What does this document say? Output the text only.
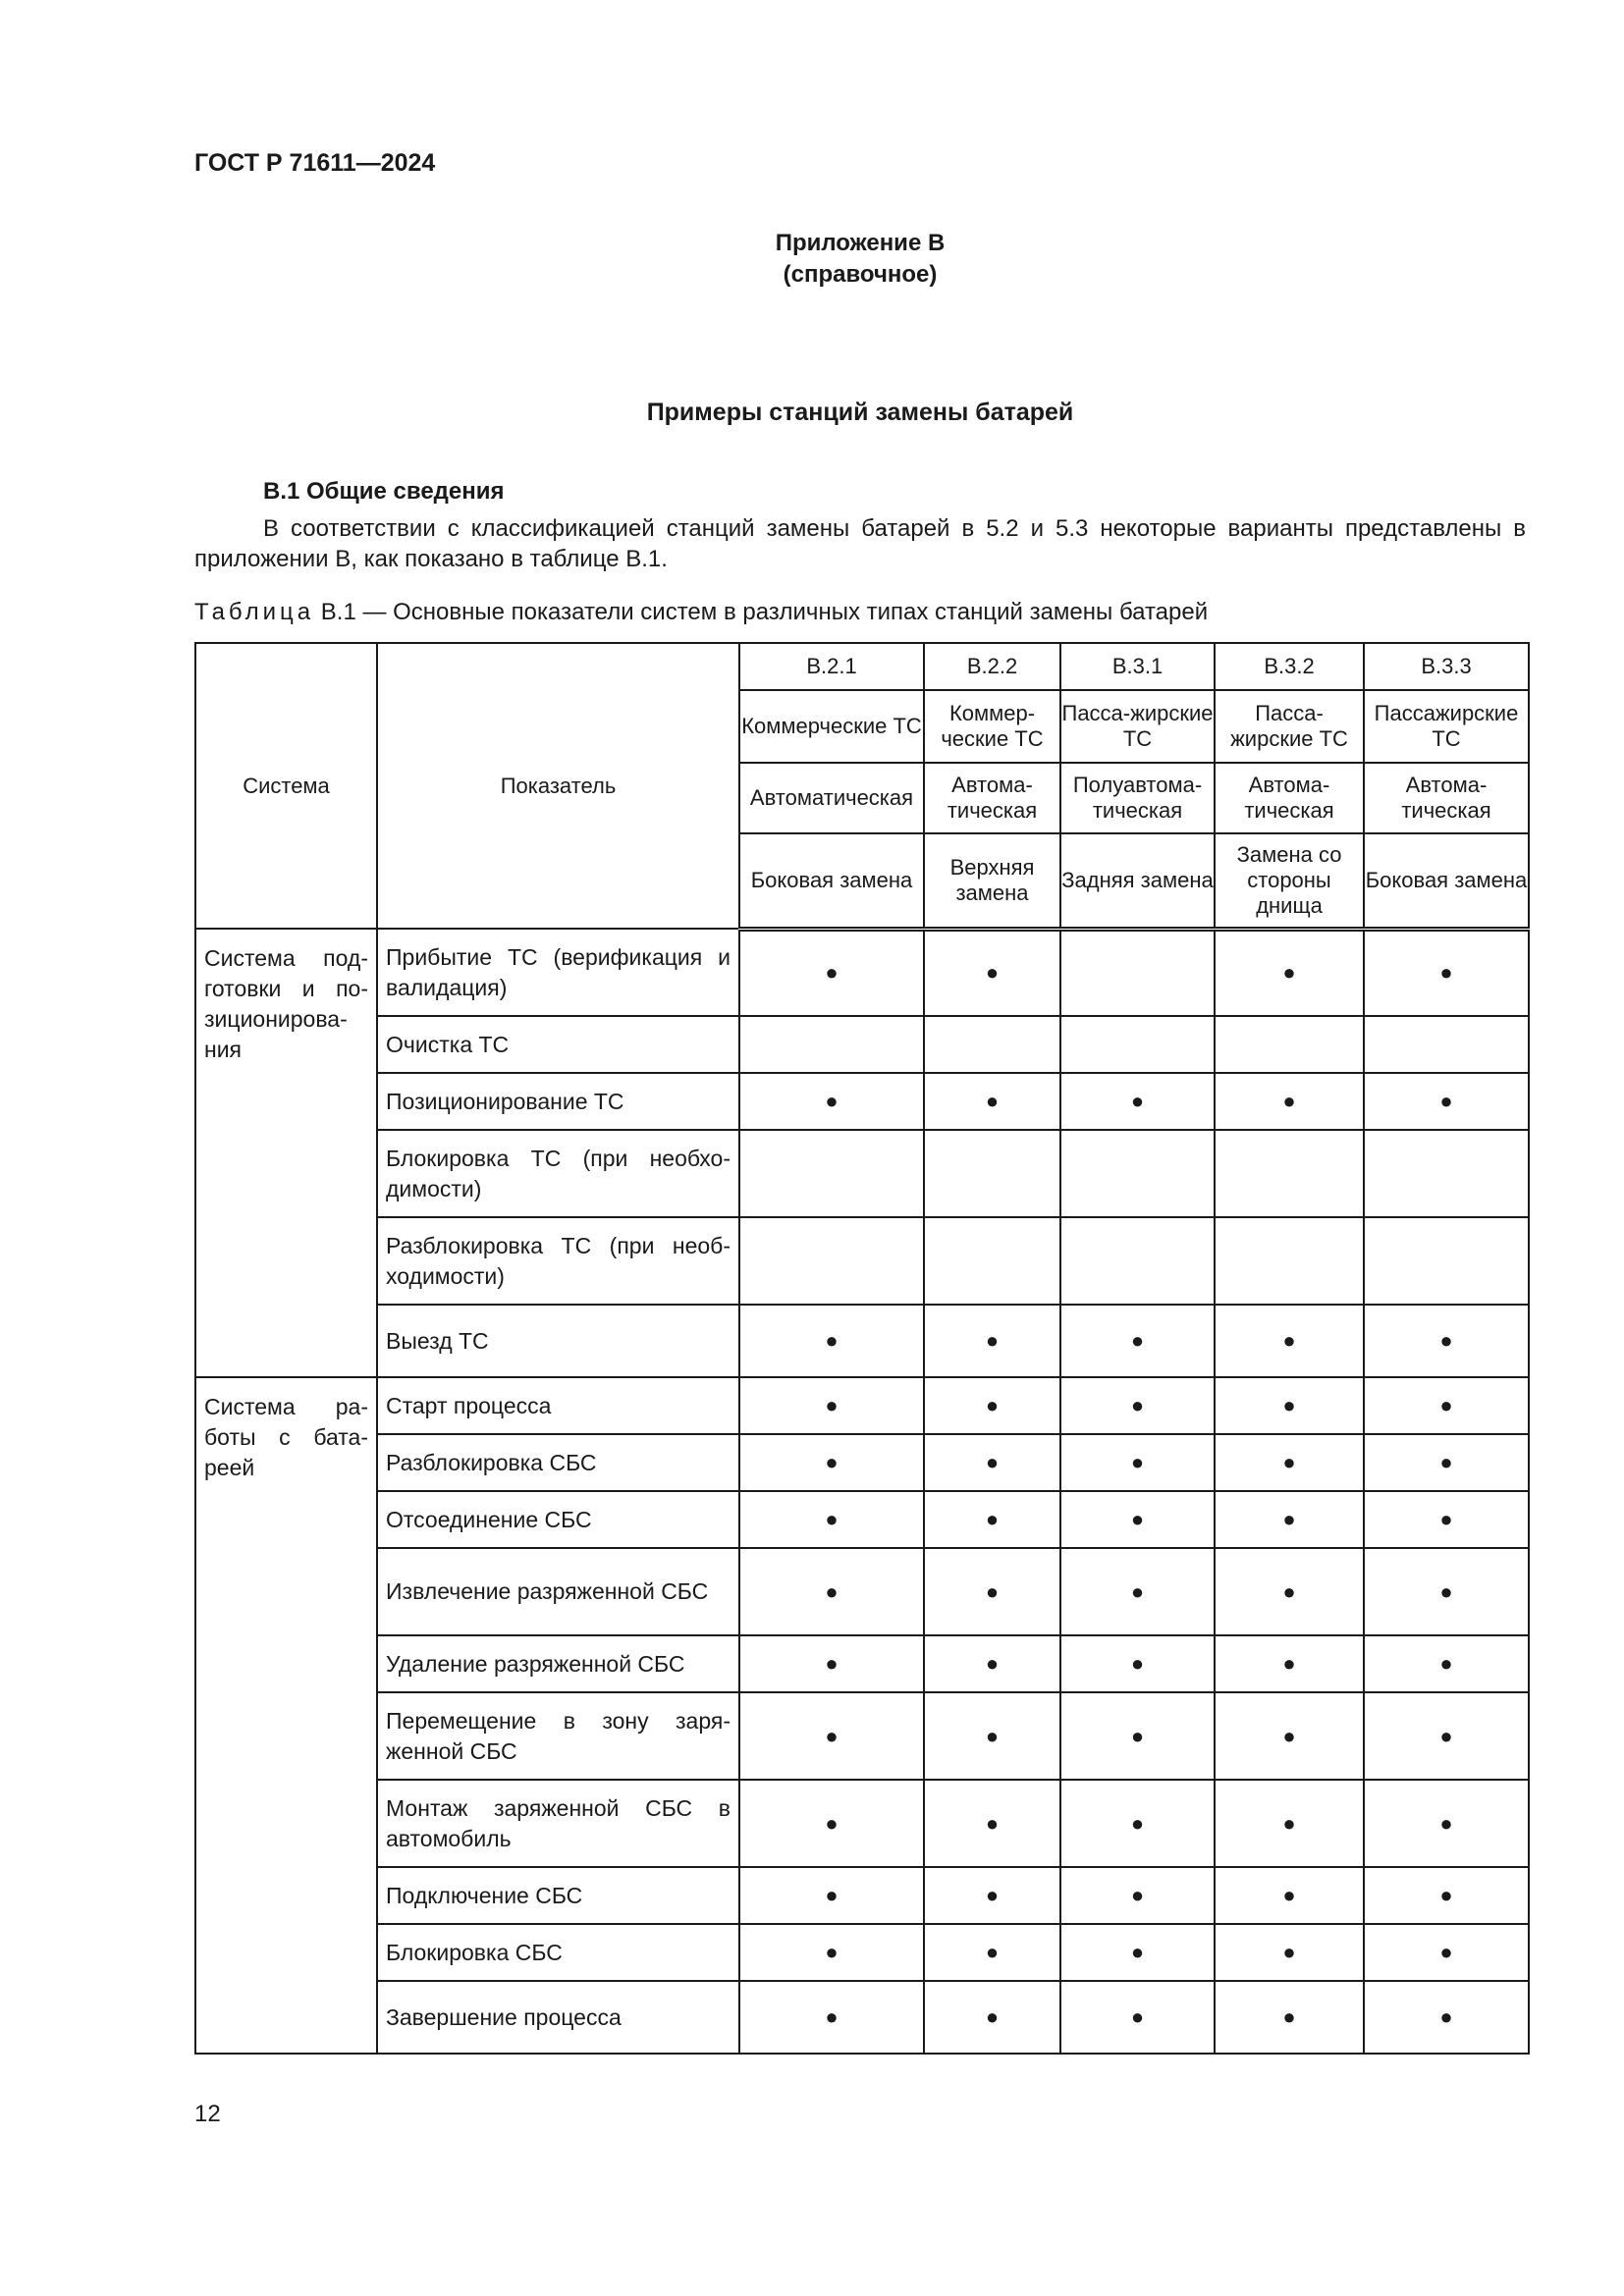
ГОСТ Р 71611—2024
Приложение В
(справочное)
Примеры станций замены батарей
В.1 Общие сведения
В соответствии с классификацией станций замены батарей в 5.2 и 5.3 некоторые варианты представлены в приложении В, как показано в таблице В.1.
Таблица В.1 — Основные показатели систем в различных типах станций замены батарей
Система	Показатель	В.2.1	В.2.2	В.3.1	В.3.2	В.3.3
		Коммерческие ТС	Коммер-ческие ТС	Пасса-жирские ТС	Пасса-жирские ТС	Пассажирские ТС
		Автоматическая	Автома-тическая	Полуавтома-тическая	Автома-тическая	Автома-тическая
		Боковая замена	Верхняя замена	Задняя замена	Замена со стороны днища	Боковая замена
Система под-готовки и по-зиционирова-ния	Прибытие ТС (верификация и валидация)	●	●		●	●
	Очистка ТС					
	Позиционирование ТС	●	●	●	●	●
	Блокировка ТС (при необхо-димости)					
	Разблокировка ТС (при необ-ходимости)					
	Выезд ТС	●	●	●	●	●
Система ра-боты с бата-реей	Старт процесса	●	●	●	●	●
	Разблокировка СБС	●	●	●	●	●
	Отсоединение СБС	●	●	●	●	●
	Извлечение разряженной СБС	●	●	●	●	●
	Удаление разряженной СБС	●	●	●	●	●
	Перемещение в зону заря-женной СБС	●	●	●	●	●
	Монтаж заряженной СБС в автомобиль	●	●	●	●	●
	Подключение СБС	●	●	●	●	●
	Блокировка СБС	●	●	●	●	●
	Завершение процесса	●	●	●	●	●
12
